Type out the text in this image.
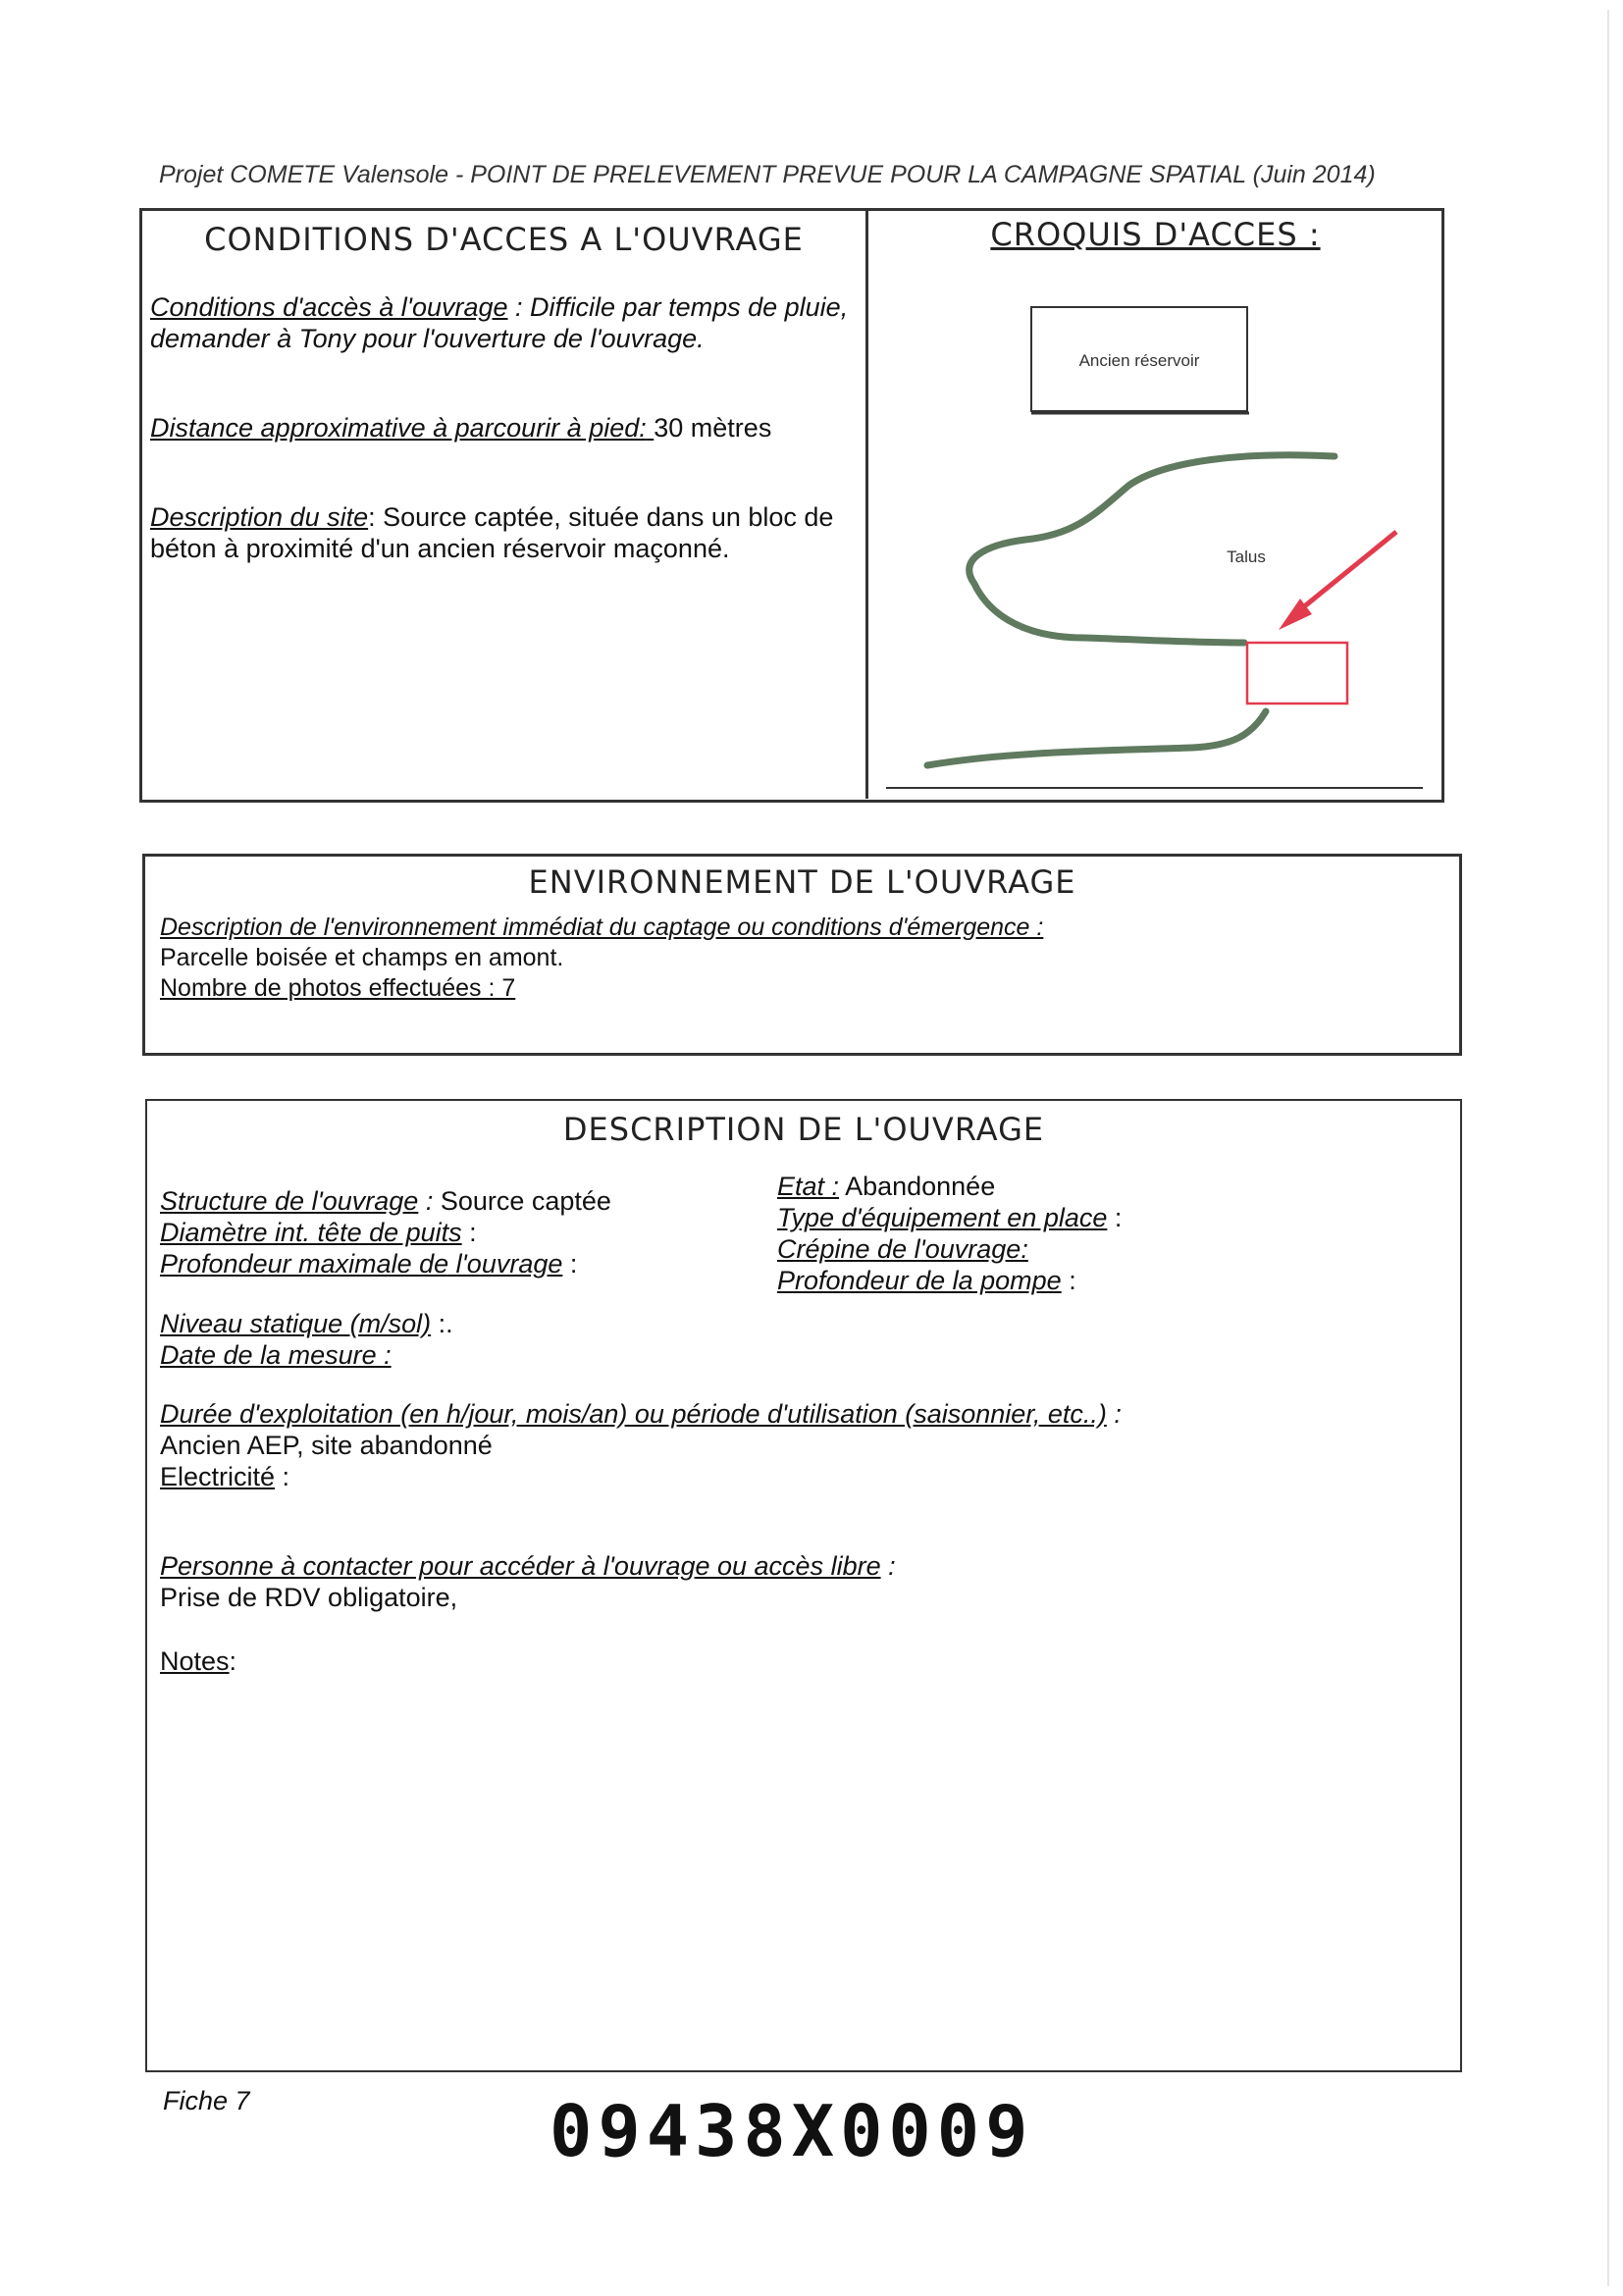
Projet COMETE Valensole - POINT DE PRELEVEMENT PREVUE POUR LA CAMPAGNE SPATIAL (Juin 2014)
CONDITIONS D'ACCES A L'OUVRAGE	CROQUIS D'ACCES :

Conditions d'accès à l'ouvrage : Difficile par temps de pluie,

demander à Tony pour l'ouverture de l'ouvrage.

Distance approximative à parcourir à pied: 30 mètres

Description du site: Source captée, située dans un bloc de

béton à proximité d'un ancien réservoir maçonné.

Ancien réservoir
Talus
ENVIRONNEMENT DE L'OUVRAGE

Description de l'environnement immédiat du captage ou conditions d'émergence :

Parcelle boisée et champs en amont.

Nombre de photos effectuées : 7

DESCRIPTION DE L'OUVRAGE

Structure de l'ouvrage : Source captée

Diamètre int. tête de puits :

Profondeur maximale de l'ouvrage :

Etat : Abandonnée

Type d'équipement en place :

Crépine de l'ouvrage:

Profondeur de la pompe :

Niveau statique (m/sol) :.

Date de la mesure :

Durée d'exploitation (en h/jour, mois/an) ou période d'utilisation (saisonnier, etc..) :

Ancien AEP, site abandonné

Electricité :

Personne à contacter pour accéder à l'ouvrage ou accès libre :

Prise de RDV obligatoire,

Notes:
Fiche 7	09438X0009
